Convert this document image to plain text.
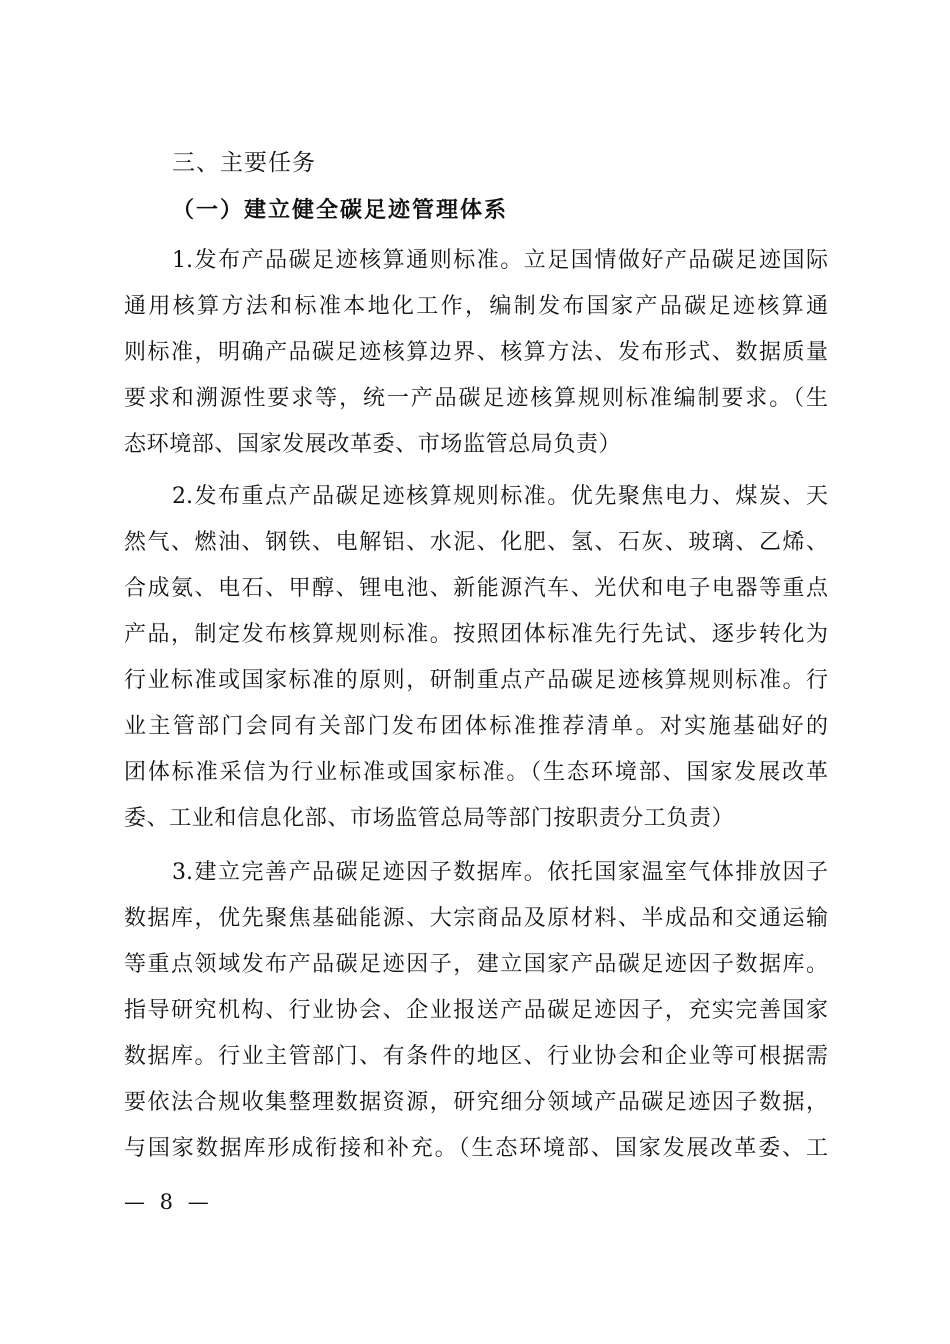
三、主要任务
（一）建立健全碳足迹管理体系
1.发布产品碳足迹核算通则标准。立足国情做好产品碳足迹国际
通用核算方法和标准本地化工作，编制发布国家产品碳足迹核算通
则标准，明确产品碳足迹核算边界、核算方法、发布形式、数据质量
要求和溯源性要求等，统一产品碳足迹核算规则标准编制要求。（生
态环境部、国家发展改革委、市场监管总局负责）
2.发布重点产品碳足迹核算规则标准。优先聚焦电力、煤炭、天
然气、燃油、钢铁、电解铝、水泥、化肥、氢、石灰、玻璃、乙烯、
合成氨、电石、甲醇、锂电池、新能源汽车、光伏和电子电器等重点
产品，制定发布核算规则标准。按照团体标准先行先试、逐步转化为
行业标准或国家标准的原则，研制重点产品碳足迹核算规则标准。行
业主管部门会同有关部门发布团体标准推荐清单。对实施基础好的
团体标准采信为行业标准或国家标准。（生态环境部、国家发展改革
委、工业和信息化部、市场监管总局等部门按职责分工负责）
3.建立完善产品碳足迹因子数据库。依托国家温室气体排放因子
数据库，优先聚焦基础能源、大宗商品及原材料、半成品和交通运输
等重点领域发布产品碳足迹因子，建立国家产品碳足迹因子数据库。
指导研究机构、行业协会、企业报送产品碳足迹因子，充实完善国家
数据库。行业主管部门、有条件的地区、行业协会和企业等可根据需
要依法合规收集整理数据资源，研究细分领域产品碳足迹因子数据，
与国家数据库形成衔接和补充。（生态环境部、国家发展改革委、工
— 8 —
